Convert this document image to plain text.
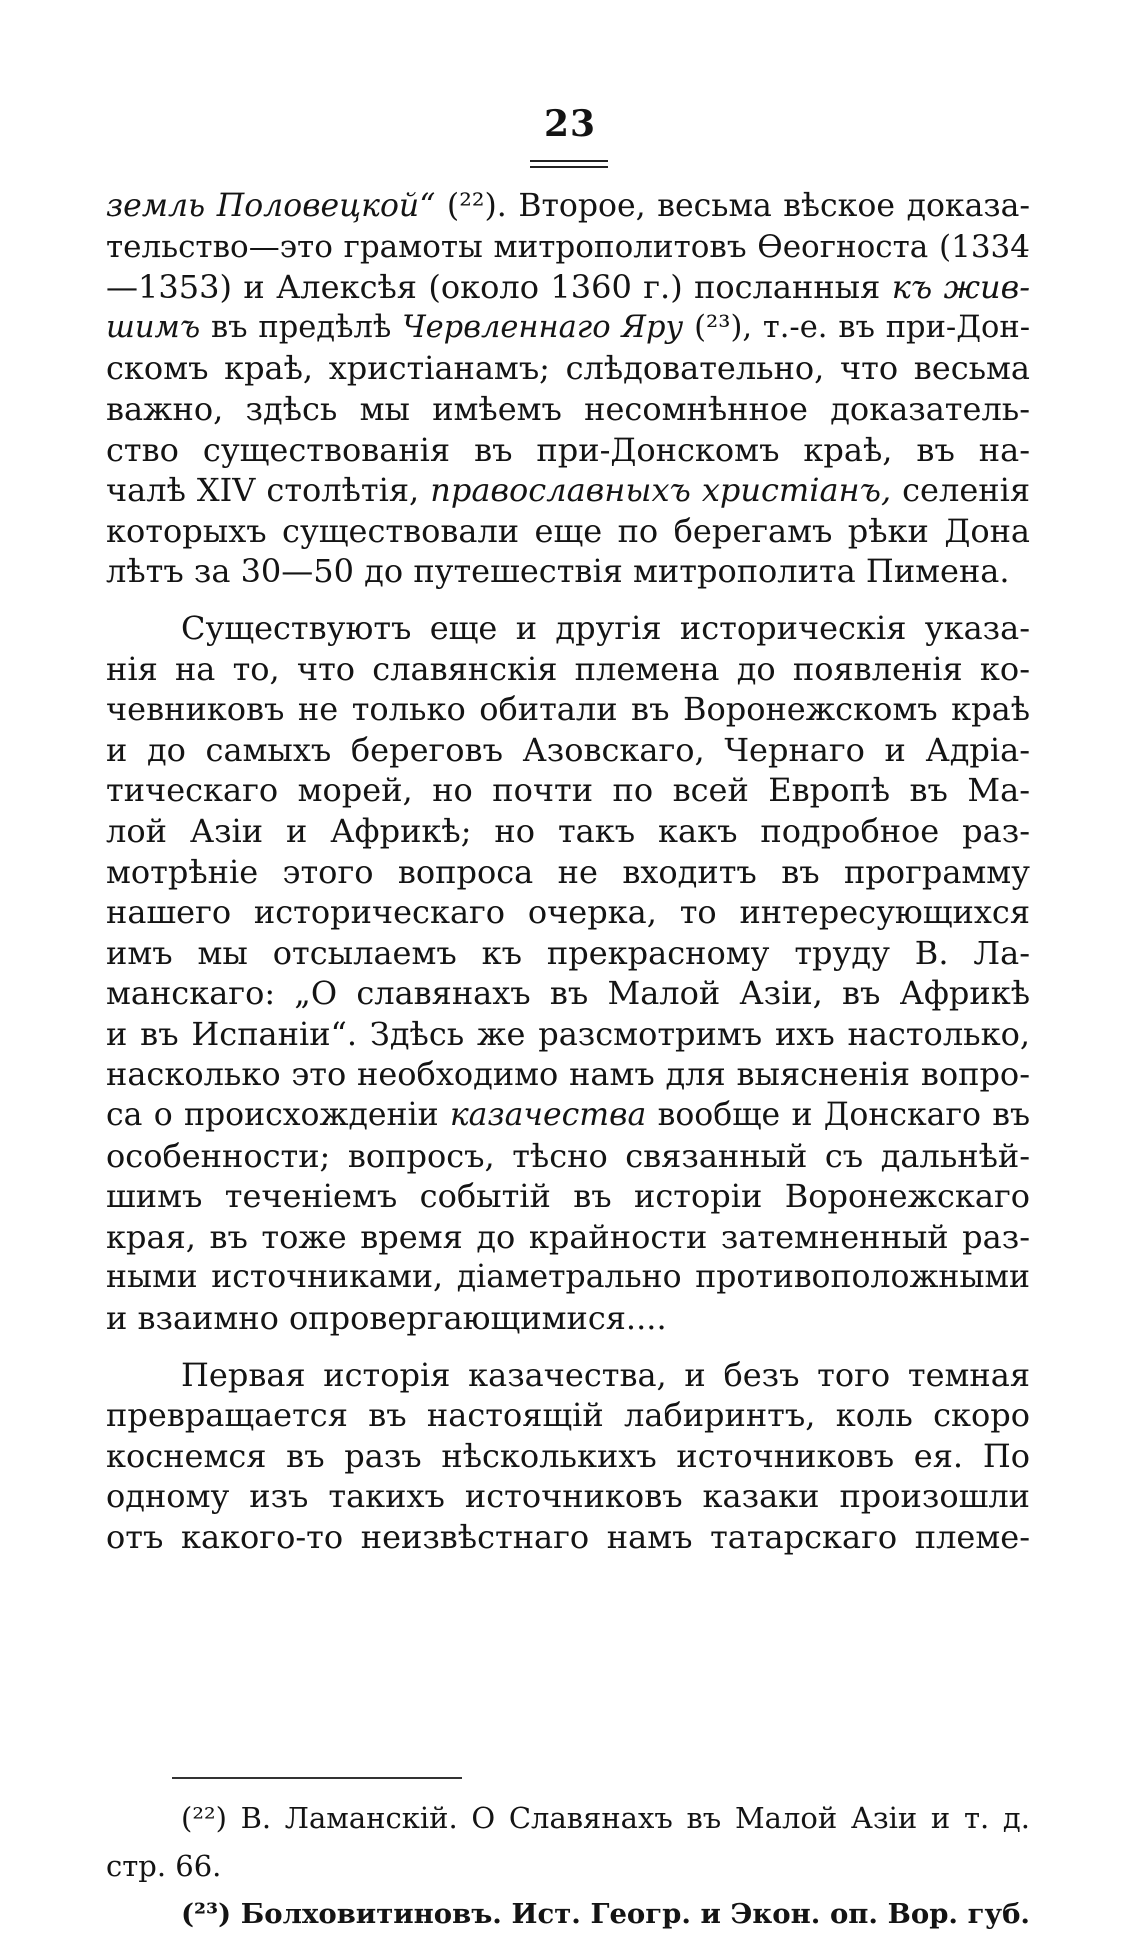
23
земль Половецкой“ (²²). Второе, весьма вѣское доказа-
тельство—это грамоты митрополитовъ Ѳеогноста (1334
—1353) и Алексѣя (около 1360 г.) посланныя къ жив-
шимъ въ предѣлѣ Червленнаго Яру (²³), т.-е. въ при-Дон-
скомъ краѣ, христіанамъ; слѣдовательно, что весьма
важно, здѣсь мы имѣемъ несомнѣнное доказатель-
ство существованія въ при-Донскомъ краѣ, въ на-
чалѣ XIV столѣтія, православныхъ христіанъ, селенія
которыхъ существовали еще по берегамъ рѣки Дона
лѣтъ за 30—50 до путешествія митрополита Пимена.
Существуютъ еще и другія историческія указа-
нія на то, что славянскія племена до появленія ко-
чевниковъ не только обитали въ Воронежскомъ краѣ
и до самыхъ береговъ Азовскаго, Чернаго и Адріа-
тическаго морей, но почти по всей Европѣ въ Ма-
лой Азіи и Африкѣ; но такъ какъ подробное раз-
мотрѣніе этого вопроса не входитъ въ программу
нашего историческаго очерка, то интересующихся
имъ мы отсылаемъ къ прекрасному труду В. Ла-
манскаго: „О славянахъ въ Малой Азіи, въ Африкѣ
и въ Испаніи“. Здѣсь же разсмотримъ ихъ настолько,
насколько это необходимо намъ для выясненія вопро-
са о происхожденіи казачества вообще и Донскаго въ
особенности; вопросъ, тѣсно связанный съ дальнѣй-
шимъ теченіемъ событій въ исторіи Воронежскаго
края, въ тоже время до крайности затемненный раз-
ными источниками, діаметрально противоположными
и взаимно опровергающимися....
Первая исторія казачества, и безъ того темная
превращается въ настоящій лабиринтъ, коль скоро
коснемся въ разъ нѣсколькихъ источниковъ ея. По
одному изъ такихъ источниковъ казаки произошли
отъ какого-то неизвѣстнаго намъ татарскаго племе-
(²²) В. Ламанскій. О Славянахъ въ Малой Азіи и т. д.
стр. 66.
(²³) Болховитиновъ. Ист. Геогр. и Экон. оп. Вор. губ.
